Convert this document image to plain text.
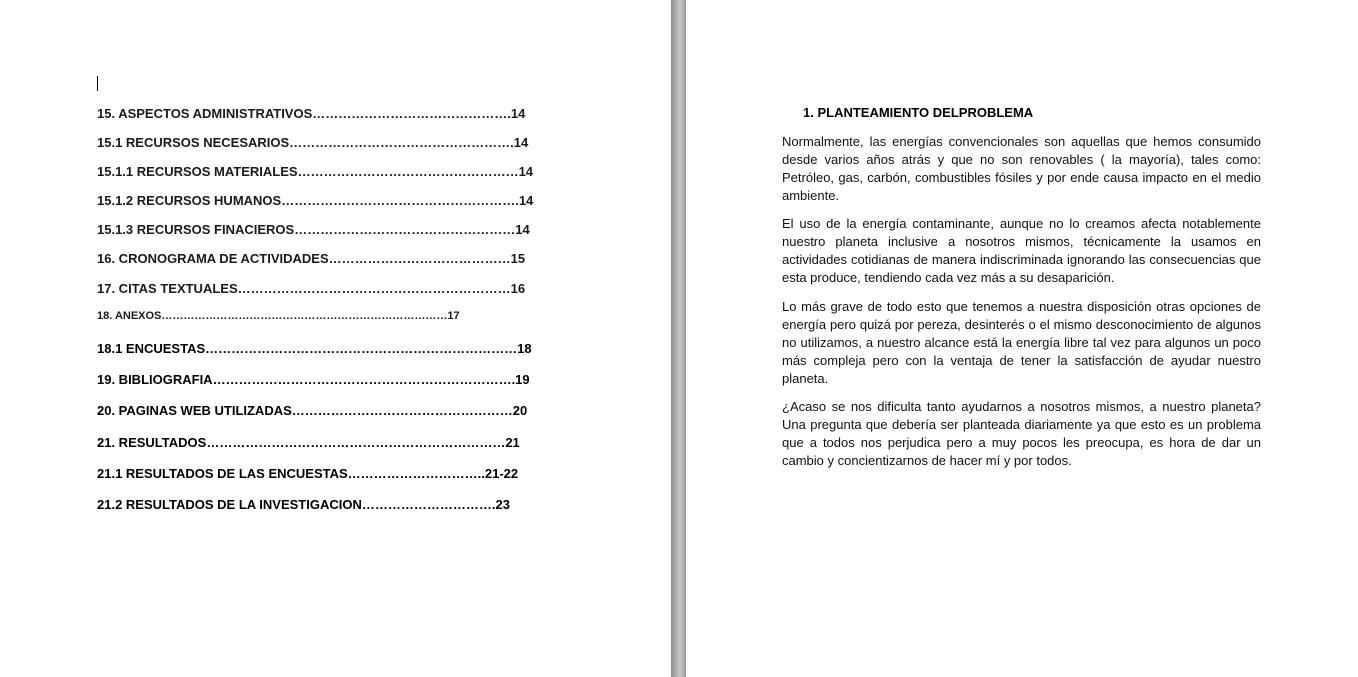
15. ASPECTOS ADMINISTRATIVOS……………………………………….14
15.1 RECURSOS NECESARIOS…………………………………………….14
15.1.1 RECURSOS MATERIALES……………………………………………14
15.1.2 RECURSOS HUMANOS……………………………………………….14
15.1.3 RECURSOS FINACIEROS……………………………………………14
16. CRONOGRAMA DE ACTIVIDADES……………………………………15
17. CITAS TEXTUALES………………………………………………………16
18. ANEXOS……………………………………………………………………17
18.1 ENCUESTAS………………………………………………………………18
19. BIBLIOGRAFIA…………………………………………………………….19
20. PAGINAS WEB UTILIZADAS……………………………………………20
21. RESULTADOS……………………………………………………………21
21.1 RESULTADOS DE LAS ENCUESTAS…………………………..21-22
21.2 RESULTADOS DE LA INVESTIGACION………………………….23
1. PLANTEAMIENTO DELPROBLEMA

Normalmente, las energías convencionales son aquellas que hemos consumido desde varios años atrás y que no son renovables ( la mayoría), tales como: Petróleo, gas, carbón, combustibles fósiles y por ende causa impacto en el medio ambiente.

El uso de la energía contaminante, aunque no lo creamos afecta notablemente nuestro planeta inclusive a nosotros mismos, técnicamente la usamos en actividades cotidianas de manera indiscriminada ignorando las consecuencias que esta produce, tendiendo cada vez más a su desaparición.

Lo más grave de todo esto que tenemos a nuestra disposición otras opciones de energía pero quizá por pereza, desinterés o el mismo desconocimiento de algunos no utilizamos, a nuestro alcance está la energía libre tal vez para algunos un poco más compleja pero con la ventaja de tener la satisfacción de ayudar nuestro planeta.

¿Acaso se nos dificulta tanto ayudarnos a nosotros mismos, a nuestro planeta? Una pregunta que debería ser planteada diariamente ya que esto es un problema que a todos nos perjudica pero a muy pocos les preocupa, es hora de dar un cambio y concientizarnos de hacer mí y por todos.
